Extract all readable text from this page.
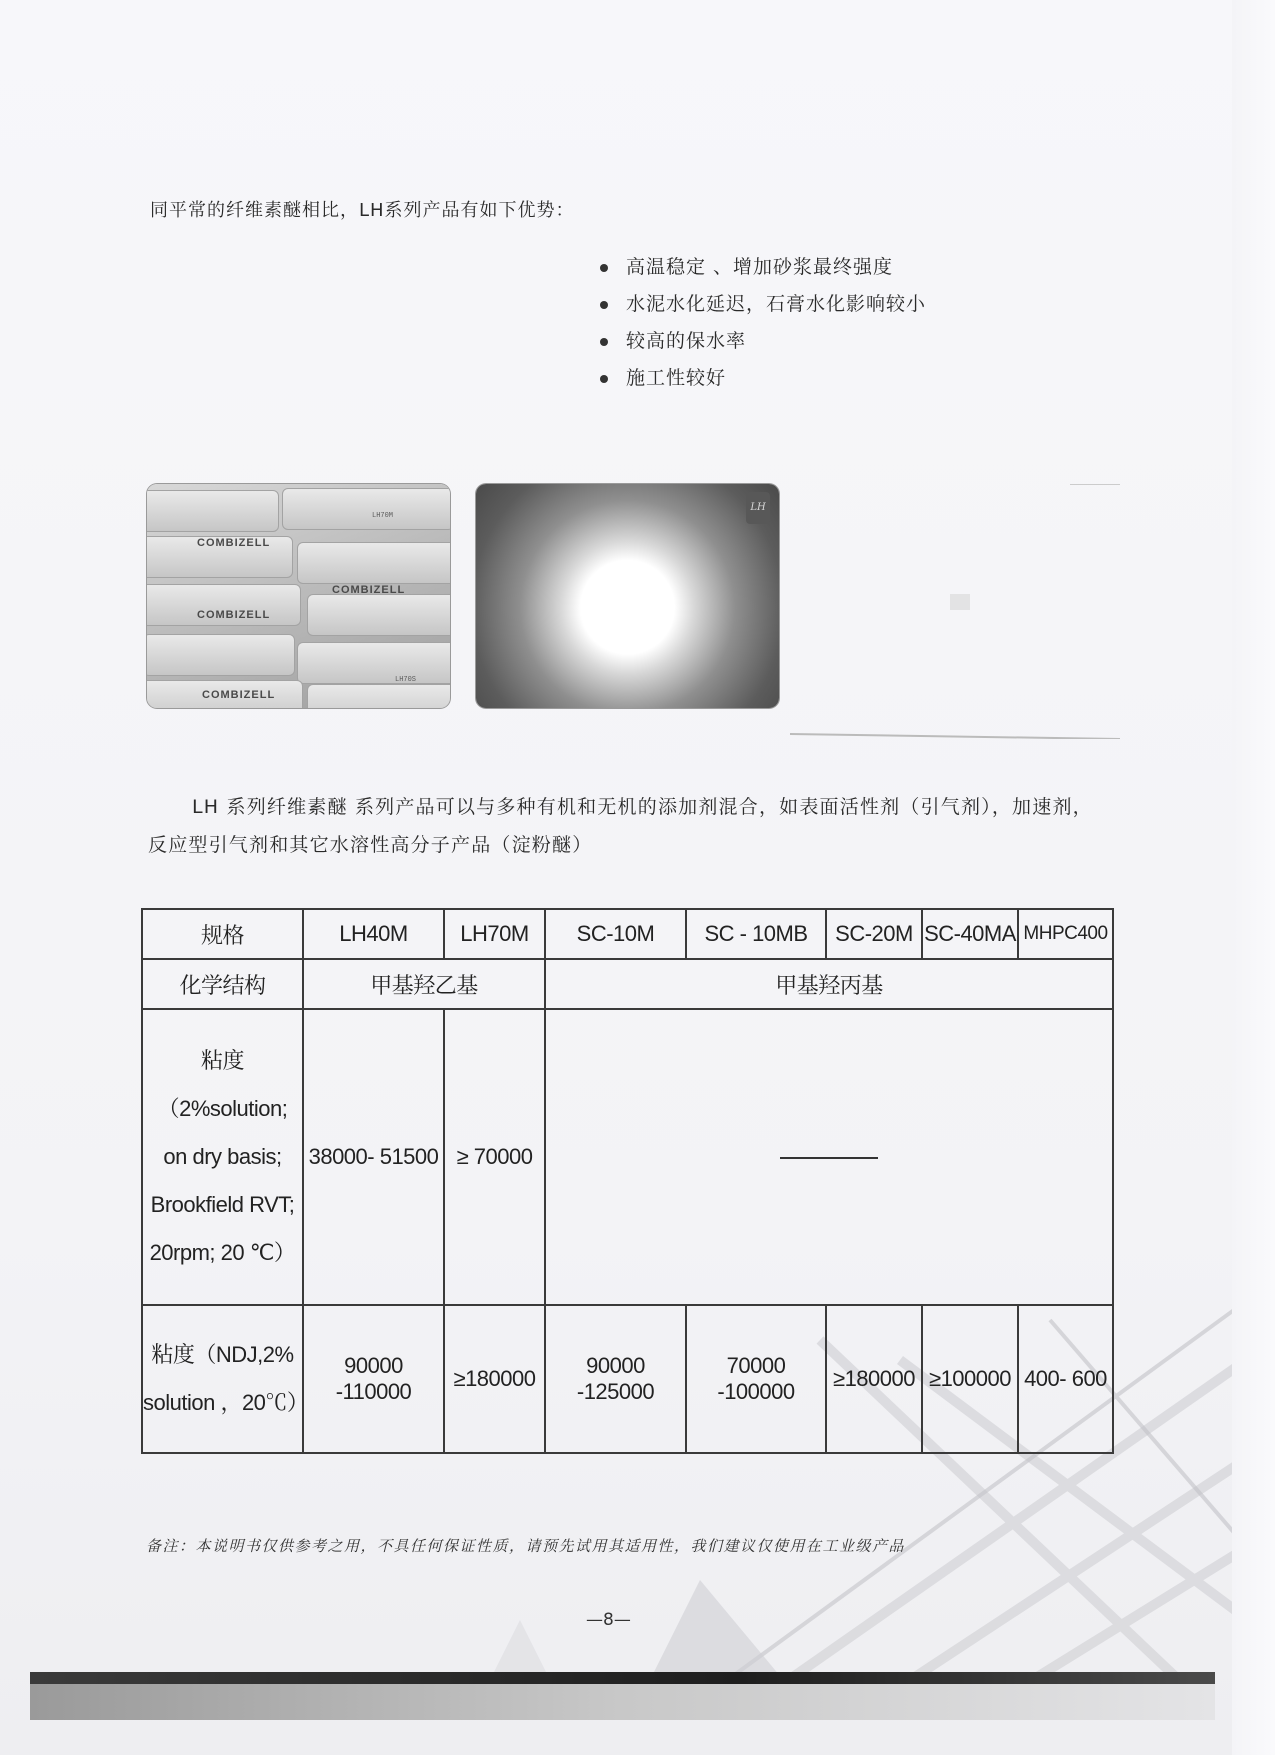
同平常的纤维素醚相比，LH系列产品有如下优势：
高温稳定 、增加砂浆最终强度
水泥水化延迟，石膏水化影响较小
较高的保水率
施工性较好
COMBIZELL
COMBIZELL
COMBIZELL
COMBIZELL
LH70M
LH70S
LH
LH 系列纤维素醚 系列产品可以与多种有机和无机的添加剂混合，如表面活性剂（引气剂），加速剂，反应型引气剂和其它水溶性高分子产品（淀粉醚）
规格	LH40M	LH70M	SC-10M	SC - 10MB	SC-20M	SC-40MA	MHPC400
化学结构	甲基羟乙基		甲基羟丙基				

粘度
（2%solution;
on dry basis;
Brookfield RVT;
20rpm; 20 ℃）	38000- 51500	≥ 70000					

粘度（NDJ,2%
solution ，20℃）	90000 -110000	≥180000	90000 -125000	70000 -100000	≥180000	≥100000	400- 600
备注：本说明书仅供参考之用，不具任何保证性质，请预先试用其适用性，我们建议仅使用在工业级产品
—8—
